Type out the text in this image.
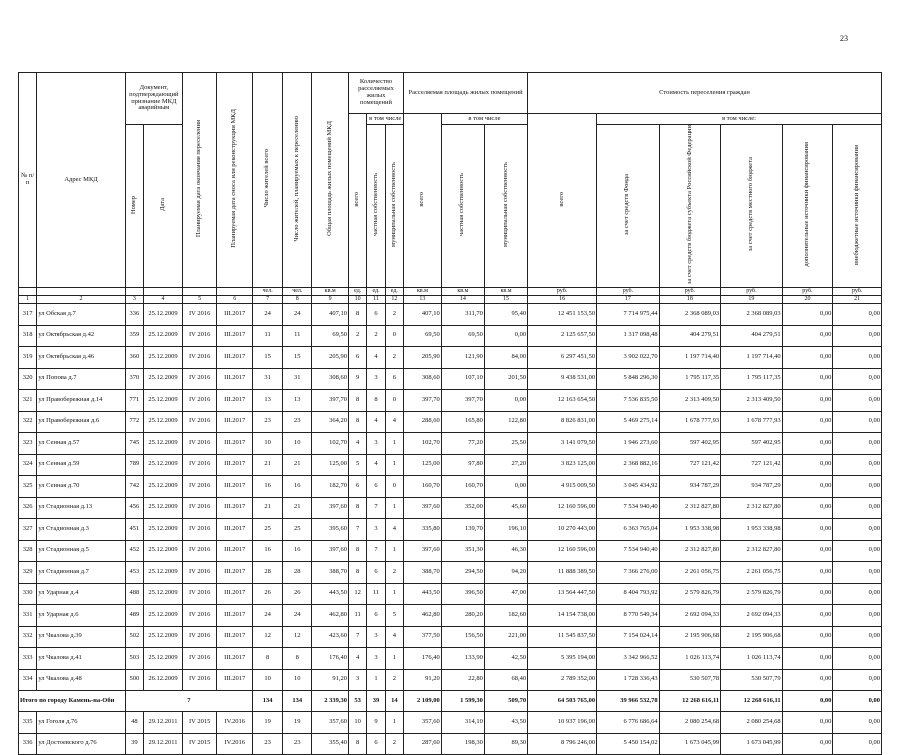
23
№ п/п	Адрес МКД	Документ, подтверждающий признание МКД аварийным		Планируемая дата окончания переселения	Планируемая дата сноса или реконструкции МКД	Число жителей всего	Число жителей, планируемых к переселению	Общая площадь жилых помещений МКД	Количество расселяемых жилых помещений			Расселяемая площадь жилых помещений			Стоимость переселения граждан					
									всего	в том числе		всего	в том числе		всего	в том числе:				
		Номер	Дата							частная собственность	муниципальная собственность		частная собственность	муниципальная собственность		за счет средств Фонда	за счет средств бюджета субъекта Российской Федерации	за счет средств местного бюджета	дополнительные источники финансирования	внебюджетные источники финансирования

						чел.	чел.	кв.м	ед.	ед.	ед.	кв.м	кв.м	кв.м	руб.	руб.	руб.	руб.	руб.	руб.
1	2	3	4	5	6	7	8	9	10	11	12	13	14	15	16	17	18	19	20	21
317	ул Обская д.7	336	25.12.2009	IV 2016	III.2017	24	24	407,10	8	6	2	407,10	311,70	95,40	12 451 153,50	7 714 975,44	2 368 089,03	2 368 089,03	0,00	0,00
318	ул Октябрьская д.42	359	25.12.2009	IV 2016	III.2017	11	11	69,50	2	2	0	69,50	69,50	0,00	2 125 657,50	1 317 098,48	404 279,51	404 279,51	0,00	0,00
319	ул Октябрьская д.46	360	25.12.2009	IV 2016	III.2017	15	15	205,90	6	4	2	205,90	121,90	84,00	6 297 451,50	3 902 022,70	1 197 714,40	1 197 714,40	0,00	0,00
320	ул Попова д.7	370	25.12.2009	IV 2016	III.2017	31	31	308,60	9	3	6	308,60	107,10	201,50	9 438 531,00	5 848 296,30	1 795 117,35	1 795 117,35	0,00	0,00
321	ул Правобережная д.14	771	25.12.2009	IV 2016	III.2017	13	13	397,70	8	8	0	397,70	397,70	0,00	12 163 654,50	7 536 835,50	2 313 409,50	2 313 409,50	0,00	0,00
322	ул Правобережная д.6	772	25.12.2009	IV 2016	III.2017	23	23	364,20	8	4	4	288,60	165,80	122,80	8 826 831,00	5 469 275,14	1 678 777,93	1 678 777,93	0,00	0,00
323	ул Сенная д.57	745	25.12.2009	IV 2016	III.2017	10	10	102,70	4	3	1	102,70	77,20	25,50	3 141 079,50	1 946 273,60	597 402,95	597 402,95	0,00	0,00
324	ул Сенная д.59	789	25.12.2009	IV 2016	III.2017	21	21	125,00	5	4	1	125,00	97,80	27,20	3 823 125,00	2 368 882,16	727 121,42	727 121,42	0,00	0,00
325	ул Сенная д.70	742	25.12.2009	IV 2016	III.2017	16	16	182,70	6	6	0	160,70	160,70	0,00	4 915 009,50	3 045 434,92	934 787,29	934 787,29	0,00	0,00
326	ул Стадионная д.13	456	25.12.2009	IV 2016	III.2017	21	21	397,60	8	7	1	397,60	352,00	45,60	12 160 596,00	7 534 940,40	2 312 827,80	2 312 827,80	0,00	0,00
327	ул Стадионная д.3	451	25.12.2009	IV 2016	III.2017	25	25	395,60	7	3	4	335,80	139,70	196,10	10 270 443,00	6 363 765,04	1 953 338,98	1 953 338,98	0,00	0,00
328	ул Стадионная д.5	452	25.12.2009	IV 2016	III.2017	16	16	397,60	8	7	1	397,60	351,30	46,30	12 160 596,00	7 534 940,40	2 312 827,80	2 312 827,80	0,00	0,00
329	ул Стадионная д.7	453	25.12.2009	IV 2016	III.2017	28	28	388,70	8	6	2	388,70	294,50	94,20	11 888 389,50	7 366 276,00	2 261 056,75	2 261 056,75	0,00	0,00
330	ул Ударная д.4	488	25.12.2009	IV 2016	III.2017	26	26	443,50	12	11	1	443,50	396,50	47,00	13 564 447,50	8 404 793,92	2 579 826,79	2 579 826,79	0,00	0,00
331	ул Ударная д.6	489	25.12.2009	IV 2016	III.2017	24	24	462,80	11	6	5	462,80	280,20	182,60	14 154 738,00	8 770 549,34	2 692 094,33	2 692 094,33	0,00	0,00
332	ул Чкалова д.39	502	25.12.2009	IV 2016	III.2017	12	12	423,60	7	3	4	377,50	156,50	221,00	11 545 837,50	7 154 024,14	2 195 906,68	2 195 906,68	0,00	0,00
333	ул Чкалова д.41	503	25.12.2009	IV 2016	III.2017	8	8	176,40	4	3	1	176,40	133,90	42,50	5 395 194,00	3 342 966,52	1 026 113,74	1 026 113,74	0,00	0,00
334	ул Чкалова д.48	500	26.12.2009	IV 2016	III.2017	10	10	91,20	3	1	2	91,20	22,80	68,40	2 789 352,00	1 728 336,43	530 507,78	530 507,79	0,00	0,00
Итого по городу Камень-на-Оби		7				134	134	2 339,30	53	39	14	2 109,00	1 599,30	509,70	64 503 765,00	39 966 532,78	12 268 616,11	12 268 616,11	0,00	0,00
335	ул Гоголя д.76	48	29.12.2011	IV 2015	IV.2016	19	19	357,60	10	9	1	357,60	314,10	43,50	10 937 196,00	6 776 686,64	2 080 254,68	2 080 254,68	0,00	0,00
336	ул Достоевского д.76	39	29.12.2011	IV 2015	IV.2016	23	23	355,40	8	6	2	287,60	198,30	89,30	8 796 246,00	5 450 154,02	1 673 045,99	1 673 045,99	0,00	0,00
